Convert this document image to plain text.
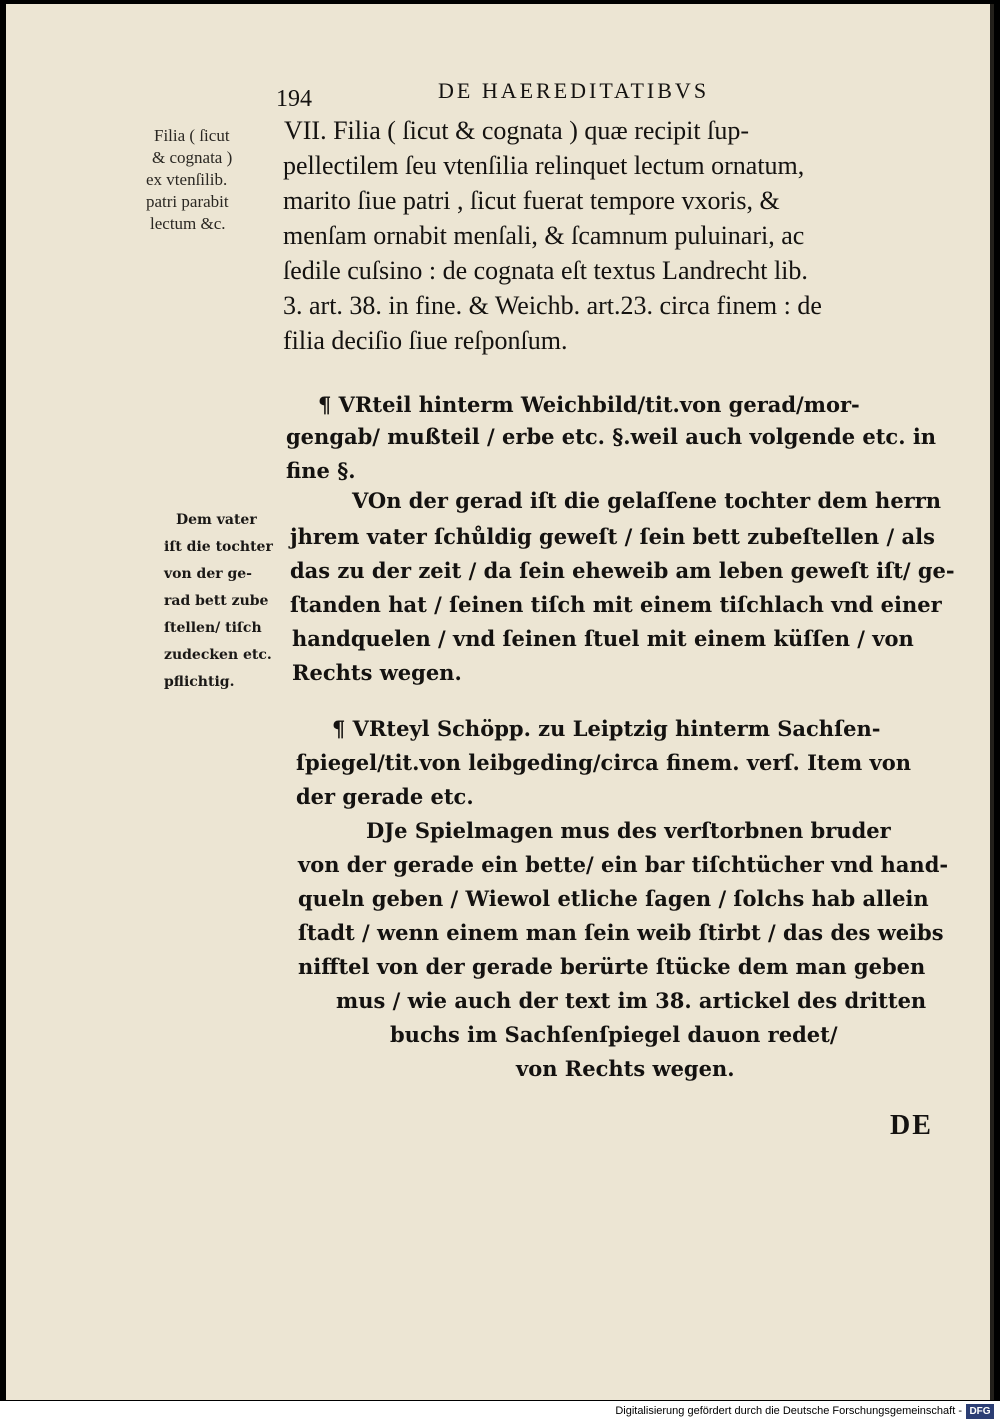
194	DE HAEREDITATIBVS
Filia ( ſicut
& cognata )
ex vtenſilib.
patri parabit
lectum &c.
VII. Filia ( ſicut & cognata ) quæ recipit ſup-
pellectilem ſeu vtenſilia relinquet lectum ornatum,
marito ſiue patri , ſicut fuerat tempore vxoris, &
menſam ornabit menſali, & ſcamnum puluinari, ac
ſedile cuſsino : de cognata eſt textus Landrecht lib.
3. art. 38. in fine. & Weichb. art.23. circa finem : de
filia deciſio ſiue reſponſum.
¶ VRteil hinterm Weichbild/tit.von gerad/mor-
gengab/ mußteil / erbe etc. §.weil auch volgende etc. in
fine §.
Dem vater
iſt die tochter
von der ge-
rad bett zube
ſtellen/ tiſch
zudecken etc.
pflichtig.
VOn der gerad iſt die gelaſſene tochter dem herrn
jhrem vater ſchůldig geweſt / ſein bett zubeſtellen / als
das zu der zeit / da ſein eheweib am leben geweſt iſt/ ge-
ſtanden hat / ſeinen tiſch mit einem tiſchlach vnd einer
handquelen / vnd ſeinen ſtuel mit einem küſſen / von
Rechts wegen.
¶ VRteyl Schöpp. zu Leiptzig hinterm Sachſen-
ſpiegel/tit.von leibgeding/circa finem. verſ. Item von
der gerade etc.
DJe Spielmagen mus des verſtorbnen bruder
von der gerade ein bette/ ein bar tiſchtücher vnd hand-
queln geben / Wiewol etliche ſagen / ſolchs hab allein
ſtadt / wenn einem man ſein weib ſtirbt / das des weibs
nifftel von der gerade berürte ſtücke dem man geben
mus / wie auch der text im 38. artickel des dritten
buchs im Sachſenſpiegel dauon redet/
von Rechts wegen.
DE
Digitalisierung gefördert durch die Deutsche Forschungsgemeinschaft - DFG
